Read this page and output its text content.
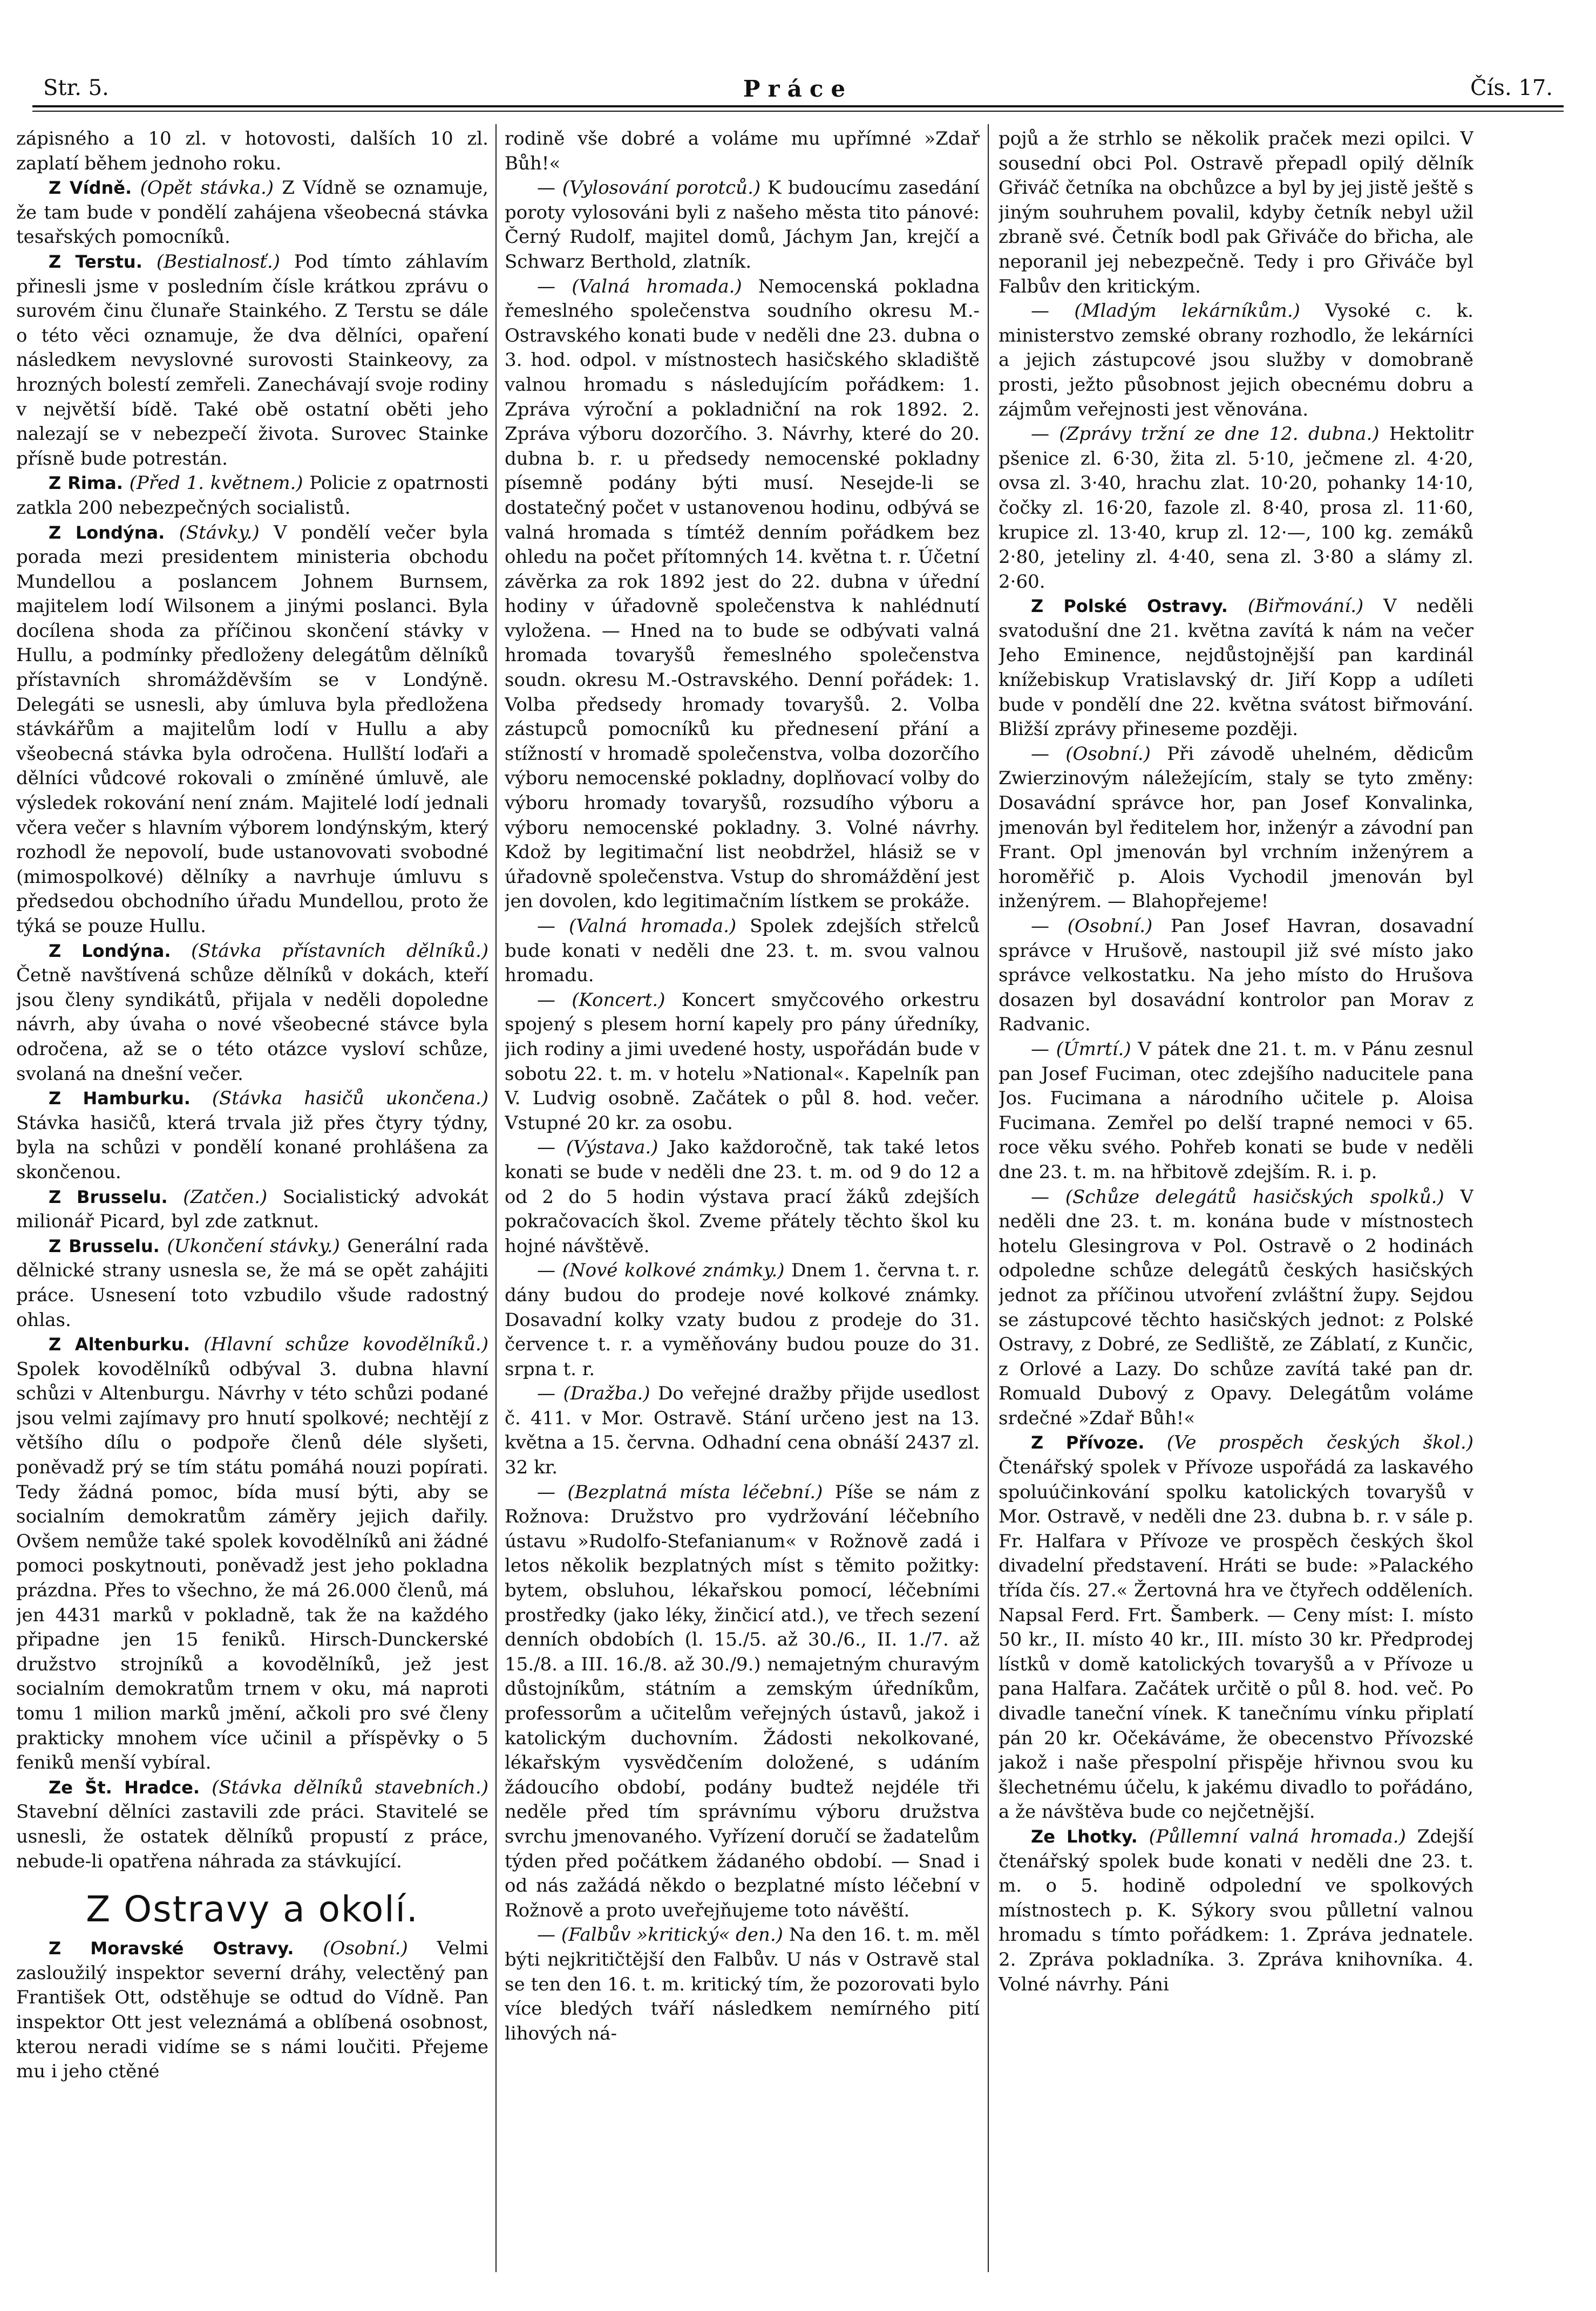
Str. 5.	Práce	Čís. 17.

zápisného a 10 zl. v hotovosti, dalších 10 zl. zaplatí během jednoho roku.

Z Vídně. (Opět stávka.) Z Vídně se oznamuje, že tam bude v pondělí zahájena všeobecná stávka tesařských pomocníků.

Z Terstu. (Bestialnosť.) Pod tímto záhlavím přinesli jsme v posledním čísle krátkou zprávu o surovém činu člunaře Stainkého. Z Terstu se dále o této věci oznamuje, že dva dělníci, opaření následkem nevyslovné surovosti Stainkeovy, za hrozných bolestí zemřeli. Zanechávají svoje rodiny v největší bídě. Také obě ostatní oběti jeho nalezají se v nebezpečí života. Surovec Stainke přísně bude potrestán.

Z Rima. (Před 1. květnem.) Policie z opatrnosti zatkla 200 nebezpečných socialistů.

Z Londýna. (Stávky.) V pondělí večer byla porada mezi presidentem ministeria obchodu Mundellou a poslancem Johnem Burnsem, majitelem lodí Wilsonem a jinými poslanci. Byla docílena shoda za příčinou skončení stávky v Hullu, a podmínky předloženy delegátům dělníků přístavních shromážděvším se v Londýně. Delegáti se usnesli, aby úmluva byla předložena stávkářům a majitelům lodí v Hullu a aby všeobecná stávka byla odročena. Hullští loďaři a dělníci vůdcové rokovali o zmíněné úmluvě, ale výsledek rokování není znám. Majitelé lodí jednali včera večer s hlavním výborem londýnským, který rozhodl že nepovolí, bude ustanovovati svobodné (mimospolkové) dělníky a navrhuje úmluvu s předsedou obchodního úřadu Mundellou, proto že týká se pouze Hullu.

Z Londýna. (Stávka přístavních dělníků.) Četně navštívená schůze dělníků v dokách, kteří jsou členy syndikátů, přijala v neděli dopoledne návrh, aby úvaha o nové všeobecné stávce byla odročena, až se o této otázce vysloví schůze, svolaná na dnešní večer.

Z Hamburku. (Stávka hasičů ukončena.) Stávka hasičů, která trvala již přes čtyry týdny, byla na schůzi v pondělí konané prohlášena za skončenou.

Z Brusselu. (Zatčen.) Socialistický advokát milionář Picard, byl zde zatknut.

Z Brusselu. (Ukončení stávky.) Generální rada dělnické strany usnesla se, že má se opět zahájiti práce. Usnesení toto vzbudilo všude radostný ohlas.

Z Altenburku. (Hlavní schůze kovodělníků.) Spolek kovodělníků odbýval 3. dubna hlavní schůzi v Altenburgu. Návrhy v této schůzi podané jsou velmi zajímavy pro hnutí spolkové; nechtějí z většího dílu o podpoře členů déle slyšeti, poněvadž prý se tím státu pomáhá nouzi popírati. Tedy žádná pomoc, bída musí býti, aby se socialním demokratům záměry jejich dařily. Ovšem nemůže také spolek kovodělníků ani žádné pomoci poskytnouti, poněvadž jest jeho pokladna prázdna. Přes to všechno, že má 26.000 členů, má jen 4431 marků v pokladně, tak že na každého připadne jen 15 feniků. Hirsch-Dunckerské družstvo strojníků a kovodělníků, jež jest socialním demokratům trnem v oku, má naproti tomu 1 milion marků jmění, ačkoli pro své členy prakticky mnohem více učinil a příspěvky o 5 feniků menší vybíral.

Ze Št. Hradce. (Stávka dělníků stavebních.) Stavební dělníci zastavili zde práci. Stavitelé se usnesli, že ostatek dělníků propustí z práce, nebude-li opatřena náhrada za stávkující.

Z Ostravy a okolí.

Z Moravské Ostravy. (Osobní.) Velmi zasloužilý inspektor severní dráhy, velectěný pan František Ott, odstěhuje se odtud do Vídně. Pan inspektor Ott jest veleznámá a oblíbená osobnost, kterou neradi vidíme se s námi loučiti. Přejeme mu i jeho ctěné

rodině vše dobré a voláme mu upřímné »Zdař Bůh!«

— (Vylosování porotců.) K budoucímu zasedání poroty vylosováni byli z našeho města tito pánové: Černý Rudolf, majitel domů, Jáchym Jan, krejčí a Schwarz Berthold, zlatník.

— (Valná hromada.) Nemocenská pokladna řemeslného společenstva soudního okresu M.-Ostravského konati bude v neděli dne 23. dubna o 3. hod. odpol. v místnostech hasičského skladiště valnou hromadu s následujícím pořádkem: 1. Zpráva výroční a pokladniční na rok 1892. 2. Zpráva výboru dozorčího. 3. Návrhy, které do 20. dubna b. r. u předsedy nemocenské pokladny písemně podány býti musí. Nesejde-li se dostatečný počet v ustanovenou hodinu, odbývá se valná hromada s tímtéž denním pořádkem bez ohledu na počet přítomných 14. května t. r. Účetní závěrka za rok 1892 jest do 22. dubna v úřední hodiny v úřadovně společenstva k nahlédnutí vyložena. — Hned na to bude se odbývati valná hromada tovaryšů řemeslného společenstva soudn. okresu M.-Ostravského. Denní pořádek: 1. Volba předsedy hromady tovaryšů. 2. Volba zástupců pomocníků ku přednesení přání a stížností v hromadě společenstva, volba dozorčího výboru nemocenské pokladny, doplňovací volby do výboru hromady tovaryšů, rozsudího výboru a výboru nemocenské pokladny. 3. Volné návrhy. Kdož by legitimační list neobdržel, hlásiž se v úřadovně společenstva. Vstup do shromáždění jest jen dovolen, kdo legitimačním lístkem se prokáže.

— (Valná hromada.) Spolek zdejších střelců bude konati v neděli dne 23. t. m. svou valnou hromadu.

— (Koncert.) Koncert smyčcového orkestru spojený s plesem horní kapely pro pány úředníky, jich rodiny a jimi uvedené hosty, uspořádán bude v sobotu 22. t. m. v hotelu »National«. Kapelník pan V. Ludvig osobně. Začátek o půl 8. hod. večer. Vstupné 20 kr. za osobu.

— (Výstava.) Jako každoročně, tak také letos konati se bude v neděli dne 23. t. m. od 9 do 12 a od 2 do 5 hodin výstava prací žáků zdejších pokračovacích škol. Zveme přátely těchto škol ku hojné návštěvě.

— (Nové kolkové známky.) Dnem 1. června t. r. dány budou do prodeje nové kolkové známky. Dosavadní kolky vzaty budou z prodeje do 31. července t. r. a vyměňovány budou pouze do 31. srpna t. r.

— (Dražba.) Do veřejné dražby přijde usedlost č. 411. v Mor. Ostravě. Stání určeno jest na 13. května a 15. června. Odhadní cena obnáší 2437 zl. 32 kr.

— (Bezplatná místa léčební.) Píše se nám z Rožnova: Družstvo pro vydržování léčebního ústavu »Rudolfo-Stefanianum« v Rožnově zadá i letos několik bezplatných míst s těmito požitky: bytem, obsluhou, lékařskou pomocí, léčebními prostředky (jako léky, žinčicí atd.), ve třech sezení denních obdobích (l. 15./5. až 30./6., II. 1./7. až 15./8. a III. 16./8. až 30./9.) nemajetným churavým důstojníkům, státním a zemským úředníkům, professorům a učitelům veřejných ústavů, jakož i katolickým duchovním. Žádosti nekolkované, lékařským vysvědčením doložené, s udáním žádoucího období, podány budtež nejdéle tři neděle před tím správnímu výboru družstva svrchu jmenovaného. Vyřízení doručí se žadatelům týden před počátkem žádaného období. — Snad i od nás zažádá někdo o bezplatné místo léčební v Rožnově a proto uveřejňujeme toto návěští.

— (Falbův »kritický« den.) Na den 16. t. m. měl býti nejkritičtější den Falbův. U nás v Ostravě stal se ten den 16. t. m. kritický tím, že pozorovati bylo více bledých tváří následkem nemírného pití lihových ná-

pojů a že strhlo se několik praček mezi opilci. V sousední obci Pol. Ostravě přepadl opilý dělník Gřiváč četníka na obchůzce a byl by jej jistě ještě s jiným souhruhem povalil, kdyby četník nebyl užil zbraně své. Četník bodl pak Gřiváče do břicha, ale neporanil jej nebezpečně. Tedy i pro Gřiváče byl Falbův den kritickým.

— (Mladým lekárníkům.) Vysoké c. k. ministerstvo zemské obrany rozhodlo, že lekárníci a jejich zástupcové jsou služby v domobraně prosti, ježto působnost jejich obecnému dobru a zájmům veřejnosti jest věnována.

— (Zprávy tržní ze dne 12. dubna.) Hektolitr pšenice zl. 6·30, žita zl. 5·10, ječmene zl. 4·20, ovsa zl. 3·40, hrachu zlat. 10·20, pohanky 14·10, čočky zl. 16·20, fazole zl. 8·40, prosa zl. 11·60, krupice zl. 13·40, krup zl. 12·—, 100 kg. zemáků 2·80, jeteliny zl. 4·40, sena zl. 3·80 a slámy zl. 2·60.

Z Polské Ostravy. (Biřmování.) V neděli svatodušní dne 21. května zavítá k nám na večer Jeho Eminence, nejdůstojnější pan kardinál knížebiskup Vratislavský dr. Jiří Kopp a udíleti bude v pondělí dne 22. května svátost biřmování. Bližší zprávy přineseme později.

— (Osobní.) Při závodě uhelném, dědicům Zwierzinovým náležejícím, staly se tyto změny: Dosavádní správce hor, pan Josef Konvalinka, jmenován byl ředitelem hor, inženýr a závodní pan Frant. Opl jmenován byl vrchním inženýrem a horoměřič p. Alois Vychodil jmenován byl inženýrem. — Blahopřejeme!

— (Osobní.) Pan Josef Havran, dosavadní správce v Hrušově, nastoupil již své místo jako správce velkostatku. Na jeho místo do Hrušova dosazen byl dosavádní kontrolor pan Morav z Radvanic.

— (Úmrtí.) V pátek dne 21. t. m. v Pánu zesnul pan Josef Fuciman, otec zdejšího naducitele pana Jos. Fucimana a národního učitele p. Aloisa Fucimana. Zemřel po delší trapné nemoci v 65. roce věku svého. Pohřeb konati se bude v neděli dne 23. t. m. na hřbitově zdejším. R. i. p.

— (Schůze delegátů hasičských spolků.) V neděli dne 23. t. m. konána bude v místnostech hotelu Glesingrova v Pol. Ostravě o 2 hodinách odpoledne schůze delegátů českých hasičských jednot za příčinou utvoření zvláštní župy. Sejdou se zástupcové těchto hasičských jednot: z Polské Ostravy, z Dobré, ze Sedliště, ze Záblatí, z Kunčic, z Orlové a Lazy. Do schůze zavítá také pan dr. Romuald Dubový z Opavy. Delegátům voláme srdečné »Zdař Bůh!«

Z Přívoze. (Ve prospěch českých škol.) Čtenářský spolek v Přívoze uspořádá za laskavého spoluúčinkování spolku katolických tovaryšů v Mor. Ostravě, v neděli dne 23. dubna b. r. v sále p. Fr. Halfara v Přívoze ve prospěch českých škol divadelní představení. Hráti se bude: »Palackého třída čís. 27.« Žertovná hra ve čtyřech odděleních. Napsal Ferd. Frt. Šamberk. — Ceny míst: I. místo 50 kr., II. místo 40 kr., III. místo 30 kr. Předprodej lístků v domě katolických tovaryšů a v Přívoze u pana Halfara. Začátek určitě o půl 8. hod. več. Po divadle taneční vínek. K tanečnímu vínku připlatí pán 20 kr. Očekáváme, že obecenstvo Přívozské jakož i naše přespolní přispěje hřivnou svou ku šlechetnému účelu, k jakému divadlo to pořádáno, a že návštěva bude co nejčetnější.

Ze Lhotky. (Půllетní valná hromada.) Zdejší čtenářský spolek bude konati v neděli dne 23. t. m. o 5. hodině odpolední ve spolkových místnostech p. K. Sýkory svou půlletní valnou hromadu s tímto pořádkem: 1. Zpráva jednatele. 2. Zpráva pokladníka. 3. Zpráva knihovníka. 4. Volné návrhy. Páni
